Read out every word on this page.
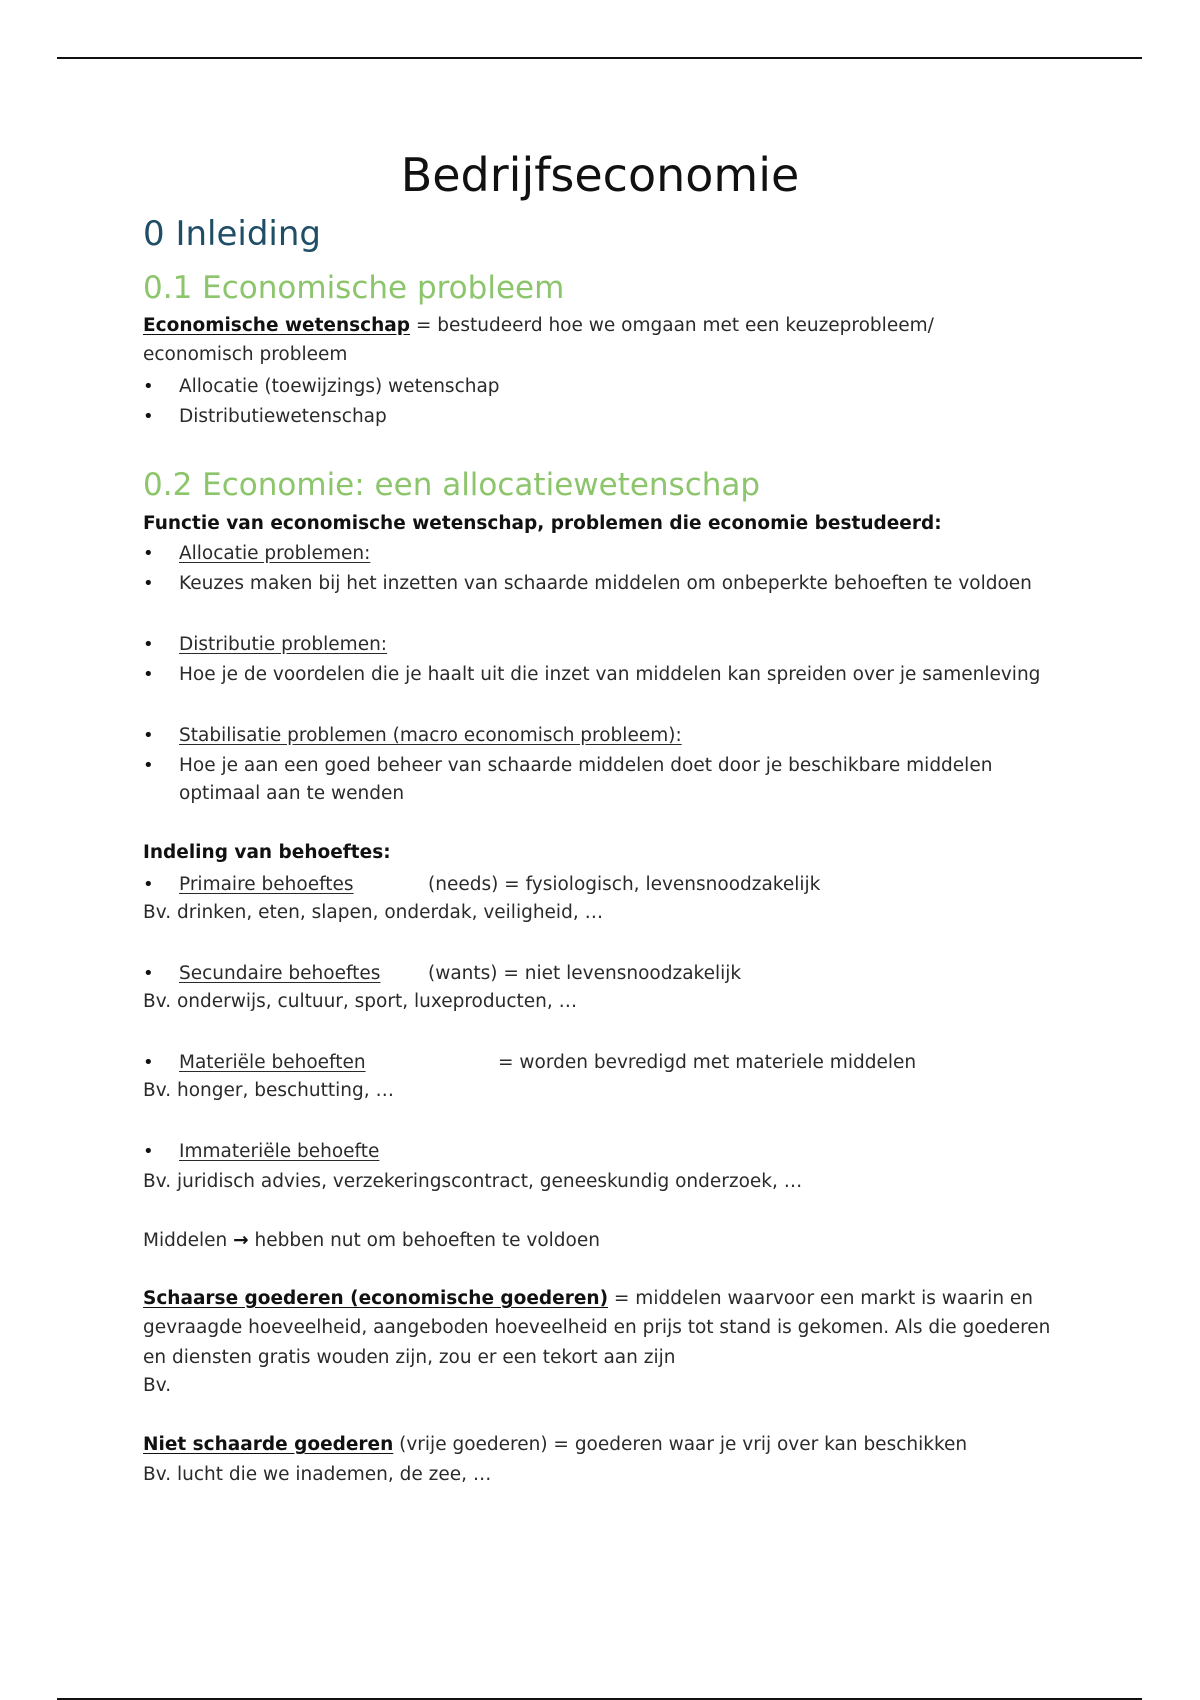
Bedrijfseconomie
0 Inleiding
0.1 Economische probleem
Economische wetenschap = bestudeerd hoe we omgaan met een keuzeprobleem/
economisch probleem
• Allocatie (toewijzings) wetenschap
• Distributiewetenschap
0.2 Economie: een allocatiewetenschap
Functie van economische wetenschap, problemen die economie bestudeerd:
• Allocatie problemen:
• Keuzes maken bij het inzetten van schaarde middelen om onbeperkte behoeften te voldoen
• Distributie problemen:
• Hoe je de voordelen die je haalt uit die inzet van middelen kan spreiden over je samenleving
• Stabilisatie problemen (macro economisch probleem):
• Hoe je aan een goed beheer van schaarde middelen doet door je beschikbare middelen
optimaal aan te wenden
Indeling van behoeftes:
• Primaire behoeftes	(needs) = fysiologisch, levensnoodzakelijk
Bv. drinken, eten, slapen, onderdak, veiligheid, …
• Secundaire behoeftes	(wants) = niet levensnoodzakelijk
Bv. onderwijs, cultuur, sport, luxeproducten, …
• Materiële behoeften	= worden bevredigd met materiele middelen
Bv. honger, beschutting, …
• Immateriële behoefte
Bv. juridisch advies, verzekeringscontract, geneeskundig onderzoek, …
Middelen → hebben nut om behoeften te voldoen
Schaarse goederen (economische goederen) = middelen waarvoor een markt is waarin en
gevraagde hoeveelheid, aangeboden hoeveelheid en prijs tot stand is gekomen. Als die goederen
en diensten gratis wouden zijn, zou er een tekort aan zijn
Bv.
Niet schaarde goederen (vrije goederen) = goederen waar je vrij over kan beschikken
Bv. lucht die we inademen, de zee, …
